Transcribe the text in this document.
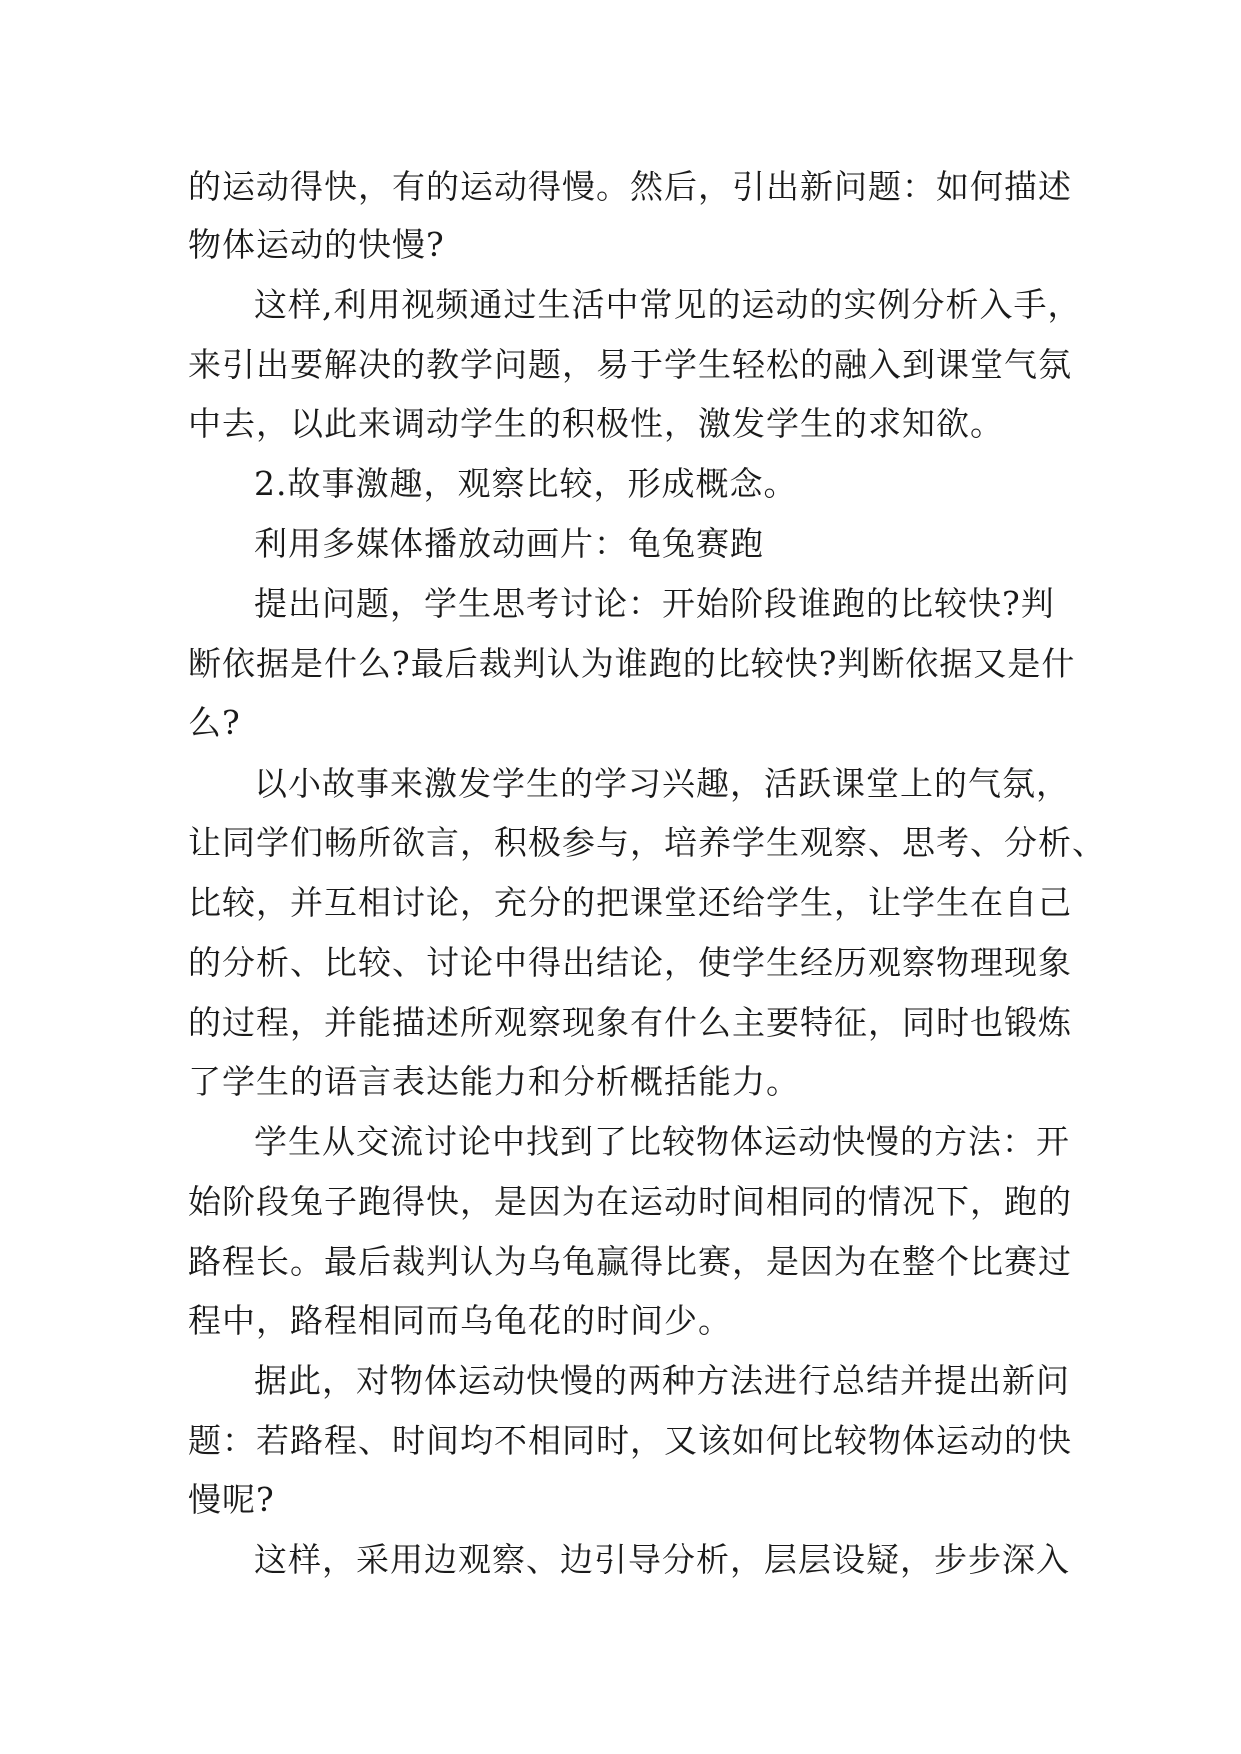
的运动得快，有的运动得慢。然后，引出新问题：如何描述
物体运动的快慢?
这样,利用视频通过生活中常见的运动的实例分析入手，
来引出要解决的教学问题，易于学生轻松的融入到课堂气氛
中去，以此来调动学生的积极性，激发学生的求知欲。
2.故事激趣，观察比较，形成概念。
利用多媒体播放动画片：龟兔赛跑
提出问题，学生思考讨论：开始阶段谁跑的比较快?判
断依据是什么?最后裁判认为谁跑的比较快?判断依据又是什
么?
以小故事来激发学生的学习兴趣，活跃课堂上的气氛，
让同学们畅所欲言，积极参与，培养学生观察、思考、分析、
比较，并互相讨论，充分的把课堂还给学生，让学生在自己
的分析、比较、讨论中得出结论，使学生经历观察物理现象
的过程，并能描述所观察现象有什么主要特征，同时也锻炼
了学生的语言表达能力和分析概括能力。
学生从交流讨论中找到了比较物体运动快慢的方法：开
始阶段兔子跑得快，是因为在运动时间相同的情况下，跑的
路程长。最后裁判认为乌龟赢得比赛，是因为在整个比赛过
程中，路程相同而乌龟花的时间少。
据此，对物体运动快慢的两种方法进行总结并提出新问
题：若路程、时间均不相同时，又该如何比较物体运动的快
慢呢?
这样，采用边观察、边引导分析，层层设疑，步步深入
